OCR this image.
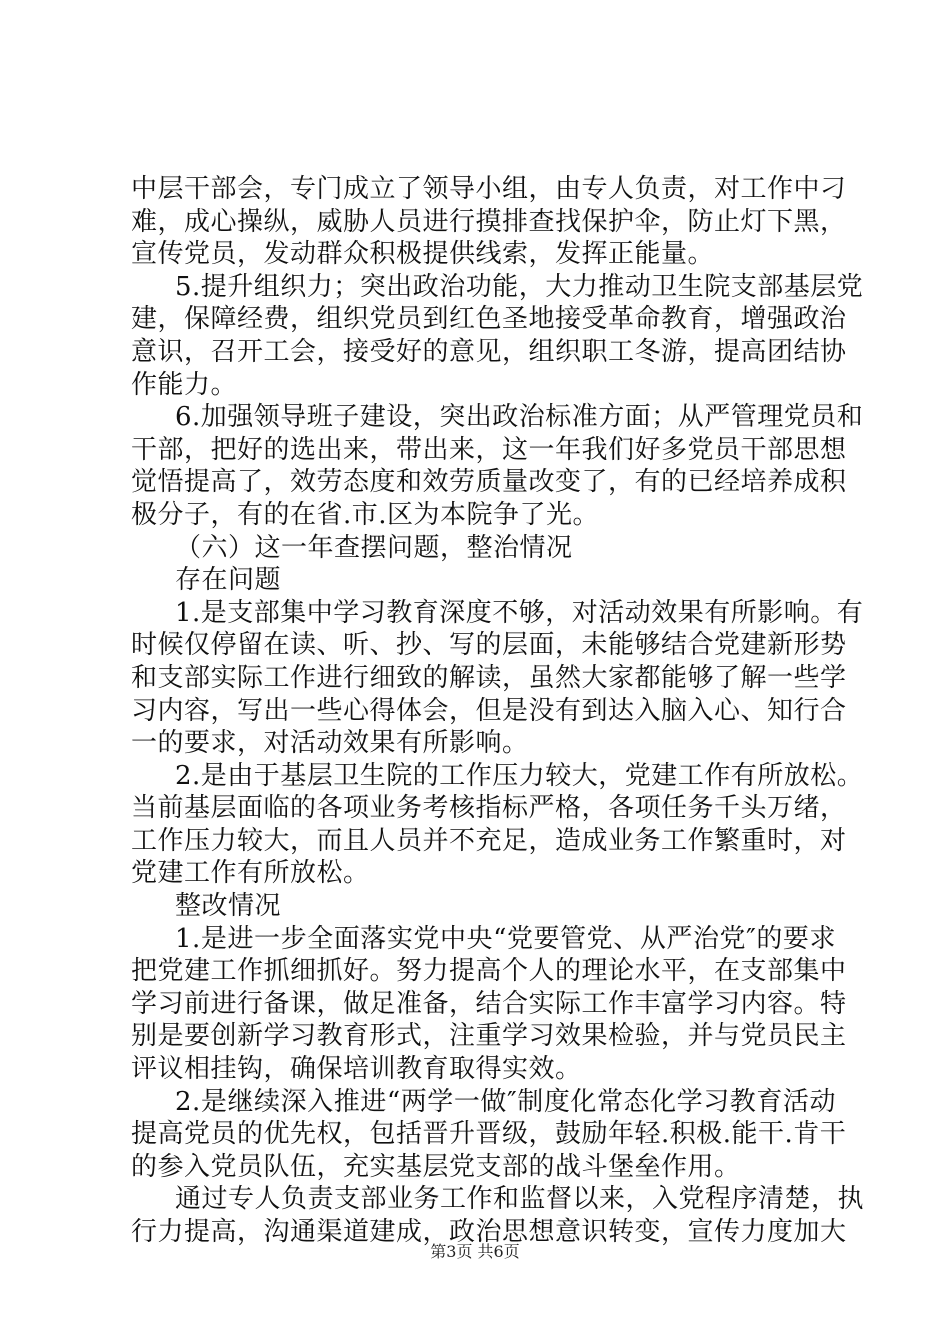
中层干部会，专门成立了领导小组，由专人负责，对工作中刁
难，成心操纵，威胁人员进行摸排查找保护伞，防止灯下黑，
宣传党员，发动群众积极提供线索，发挥正能量。
5.提升组织力；突出政治功能，大力推动卫生院支部基层党
建，保障经费，组织党员到红色圣地接受革命教育，增强政治
意识，召开工会，接受好的意见，组织职工冬游，提高团结协
作能力。
6.加强领导班子建设，突出政治标准方面；从严管理党员和
干部，把好的选出来，带出来，这一年我们好多党员干部思想
觉悟提高了，效劳态度和效劳质量改变了，有的已经培养成积
极分子，有的在省.市.区为本院争了光。
（六）这一年查摆问题，整治情况
存在问题
1.是支部集中学习教育深度不够，对活动效果有所影响。有
时候仅停留在读、听、抄、写的层面，未能够结合党建新形势
和支部实际工作进行细致的解读，虽然大家都能够了解一些学
习内容，写出一些心得体会，但是没有到达入脑入心、知行合
一的要求，对活动效果有所影响。
2.是由于基层卫生院的工作压力较大，党建工作有所放松。
当前基层面临的各项业务考核指标严格，各项任务千头万绪，
工作压力较大，而且人员并不充足，造成业务工作繁重时，对
党建工作有所放松。
整改情况
1.是进一步全面落实党中央“党要管党、从严治党″的要求
把党建工作抓细抓好。努力提高个人的理论水平，在支部集中
学习前进行备课，做足准备，结合实际工作丰富学习内容。特
别是要创新学习教育形式，注重学习效果检验，并与党员民主
评议相挂钩，确保培训教育取得实效。
2.是继续深入推进“两学一做″制度化常态化学习教育活动
提高党员的优先权，包括晋升晋级，鼓励年轻.积极.能干.肯干
的参入党员队伍，充实基层党支部的战斗堡垒作用。
通过专人负责支部业务工作和监督以来，入党程序清楚，执
行力提高，沟通渠道建成，政治思想意识转变，宣传力度加大
第3页 共6页
